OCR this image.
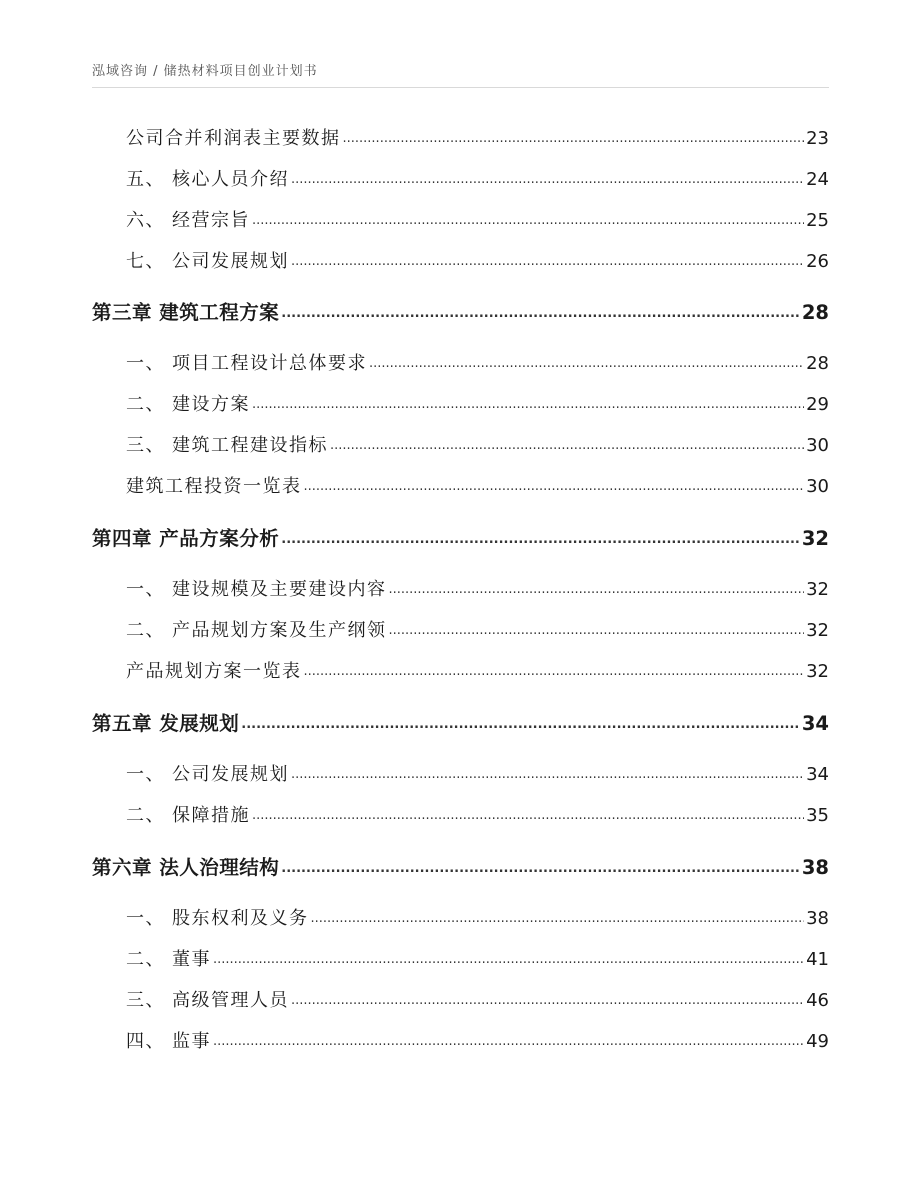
泓域咨询 / 储热材料项目创业计划书
公司合并利润表主要数据 .....	23
五、 核心人员介绍 .....	24
六、 经营宗旨 .....	25
七、 公司发展规划 .....	26
第三章 建筑工程方案 .....	28
一、 项目工程设计总体要求 .....	28
二、 建设方案 .....	29
三、 建筑工程建设指标 .....	30
建筑工程投资一览表 .....	30
第四章 产品方案分析 .....	32
一、 建设规模及主要建设内容 .....	32
二、 产品规划方案及生产纲领 .....	32
产品规划方案一览表 .....	32
第五章 发展规划 .....	34
一、 公司发展规划 .....	34
二、 保障措施 .....	35
第六章 法人治理结构 .....	38
一、 股东权利及义务 .....	38
二、 董事 .....	41
三、 高级管理人员 .....	46
四、 监事 .....	49
